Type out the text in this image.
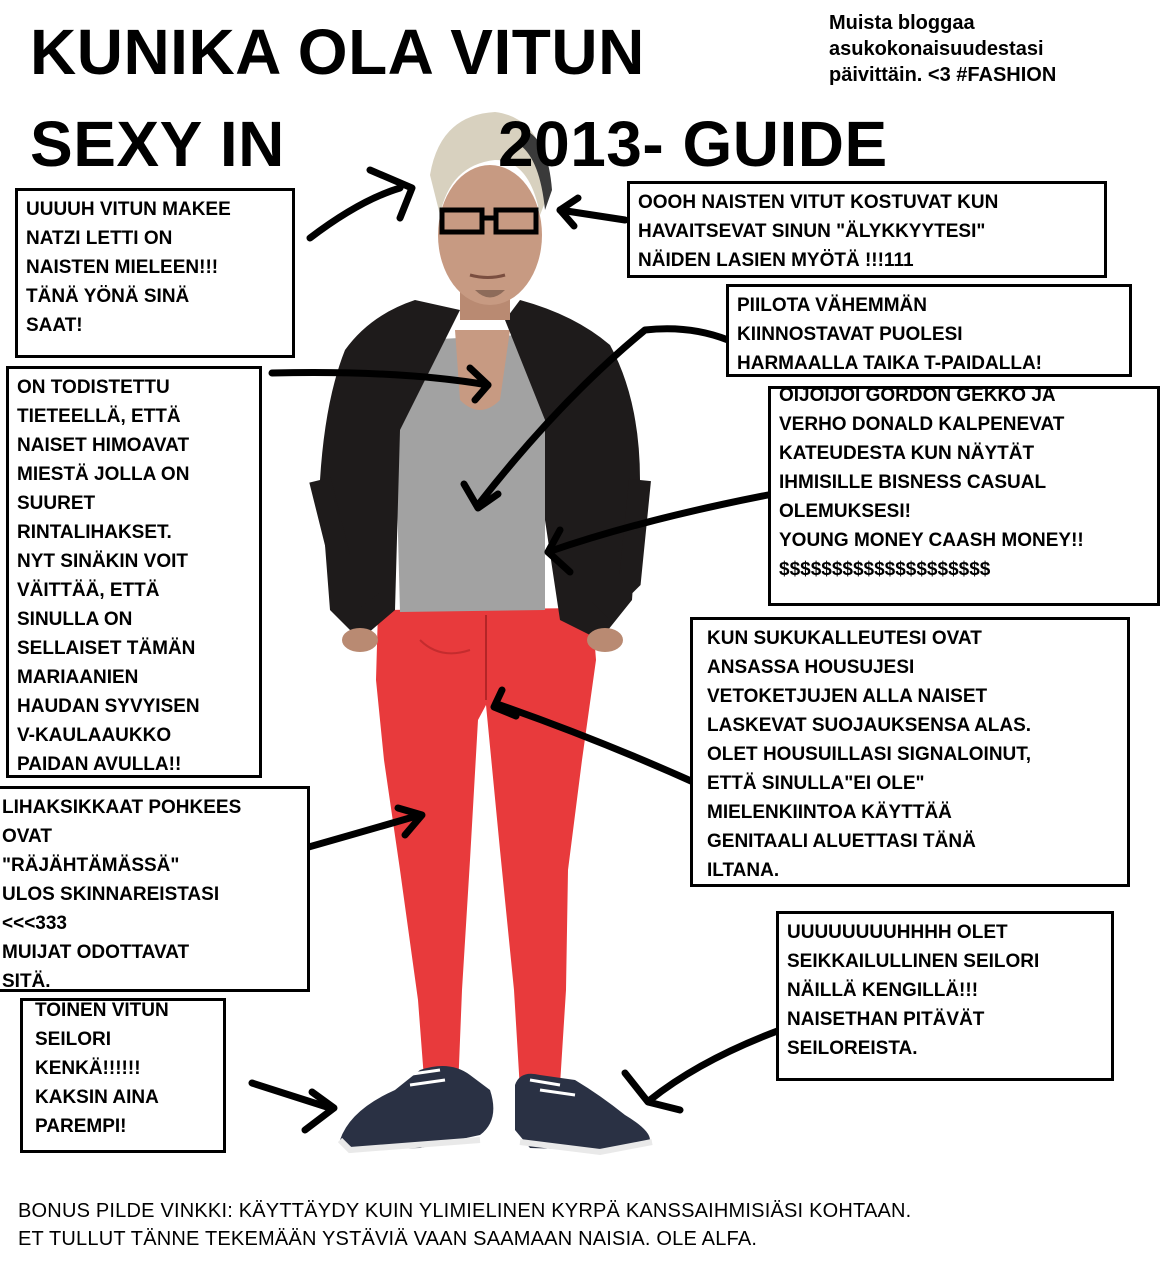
KUNIKA OLA VITUN
SEXY IN	2013- GUIDE
Muista bloggaa
asukokonaisuudestasi
päivittäin. <3 #FASHION
UUUUH VITUN MAKEE
NATZI LETTI ON
NAISTEN MIELEEN!!!
TÄNÄ YÖNÄ SINÄ
SAAT!
OOOH NAISTEN VITUT KOSTUVAT KUN
HAVAITSEVAT SINUN "ÄLYKKYYTESI"
NÄIDEN LASIEN MYÖTÄ !!!111
PIILOTA VÄHEMMÄN
KIINNOSTAVAT PUOLESI
HARMAALLA TAIKA T-PAIDALLA!
ON TODISTETTU
TIETEELLÄ, ETTÄ
NAISET HIMOAVAT
MIESTÄ JOLLA ON
SUURET
RINTALIHAKSET.
NYT SINÄKIN VOIT
VÄITTÄÄ, ETTÄ
SINULLA ON
SELLAISET TÄMÄN
MARIAANIEN
HAUDAN SYVYISEN
V-KAULAAUKKO
PAIDAN AVULLA!!
OIJOIJOI GORDON GEKKO JA
VERHO DONALD KALPENEVAT
KATEUDESTA KUN NÄYTÄT
IHMISILLE BISNESS CASUAL
OLEMUKSESI!
YOUNG MONEY CAASH MONEY!!
$$$$$$$$$$$$$$$$$$$$
KUN SUKUKALLEUTESI OVAT
ANSASSA HOUSUJESI
VETOKETJUJEN ALLA NAISET
LASKEVAT SUOJAUKSENSA ALAS.
OLET HOUSUILLASI SIGNALOINUT,
ETTÄ SINULLA"EI OLE"
MIELENKIINTOA KÄYTTÄÄ
GENITAALI ALUETTASI TÄNÄ
ILTANA.
LIHAKSIKKAAT POHKEES
OVAT
"RÄJÄHTÄMÄSSÄ"
ULOS SKINNAREISTASI
<<<333
MUIJAT ODOTTAVAT
SITÄ.
TOINEN VITUN
SEILORI
KENKÄ!!!!!!
KAKSIN AINA
PAREMPI!
UUUUUUUUHHHH OLET
SEIKKAILULLINEN SEILORI
NÄILLÄ KENGILLÄ!!!
NAISETHAN PITÄVÄT
SEILOREISTA.
BONUS PILDE VINKKI: KÄYTTÄYDY KUIN YLIMIELINEN KYRPÄ KANSSAIHMISIÄSI KOHTAAN.
ET TULLUT TÄNNE TEKEMÄÄN YSTÄVIÄ VAAN SAAMAAN NAISIA. OLE ALFA.
